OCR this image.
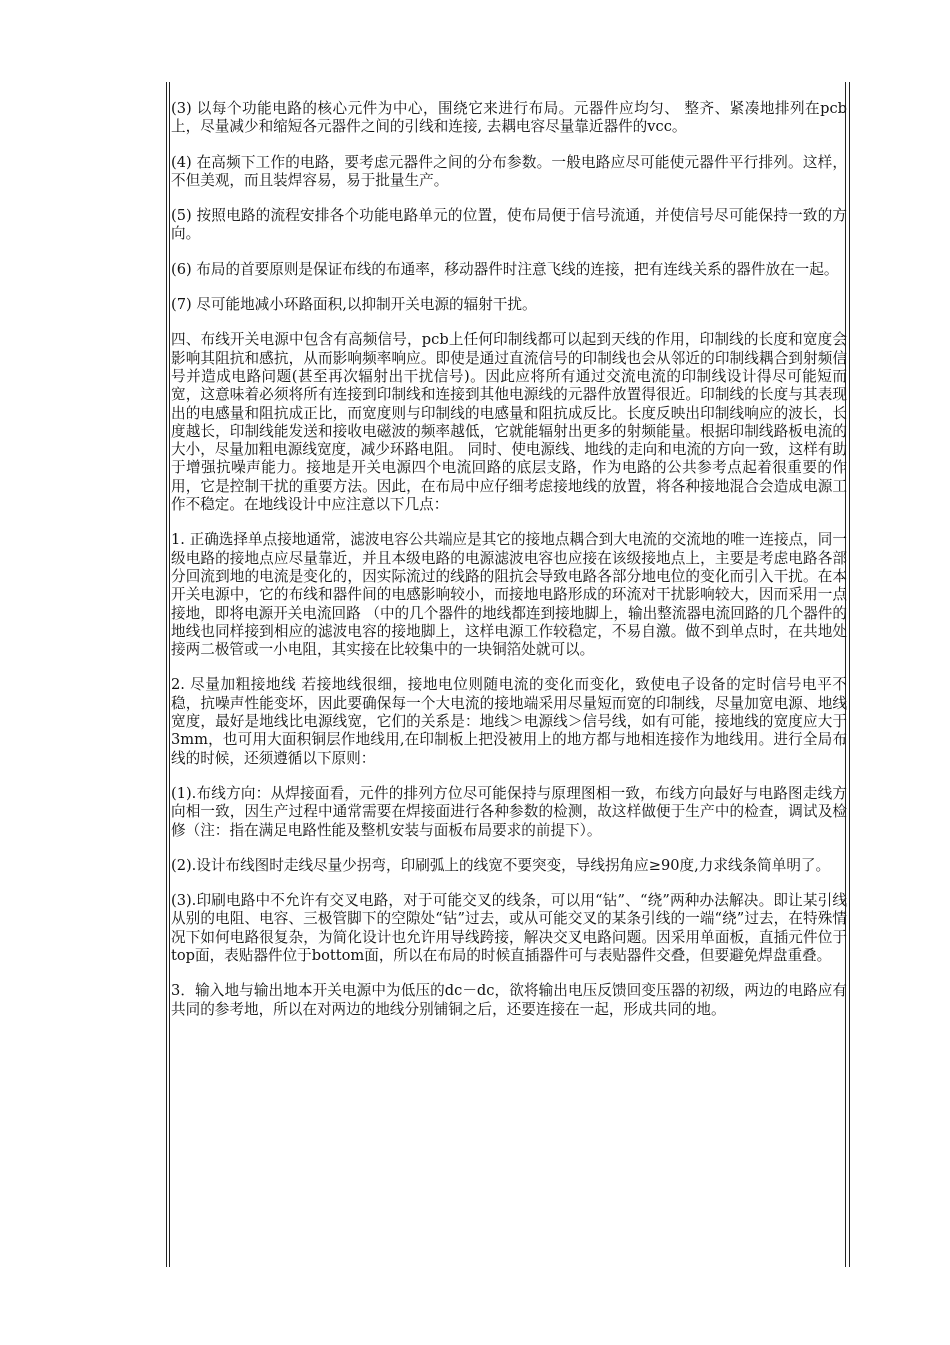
(3) 以每个功能电路的核心元件为中心，围绕它来进行布局。元器件应均匀、 整齐、紧凑地排列在pcb上，尽量减少和缩短各元器件之间的引线和连接, 去耦电容尽量靠近器件的vcc。

(4) 在高频下工作的电路，要考虑元器件之间的分布参数。一般电路应尽可能使元器件平行排列。这样，不但美观，而且装焊容易，易于批量生产。

(5) 按照电路的流程安排各个功能电路单元的位置，使布局便于信号流通，并使信号尽可能保持一致的方向。

(6) 布局的首要原则是保证布线的布通率，移动器件时注意飞线的连接，把有连线关系的器件放在一起。

(7) 尽可能地减小环路面积,以抑制开关电源的辐射干扰。

四、布线开关电源中包含有高频信号，pcb上任何印制线都可以起到天线的作用，印制线的长度和宽度会影响其阻抗和感抗，从而影响频率响应。即使是通过直流信号的印制线也会从邻近的印制线耦合到射频信号并造成电路问题(甚至再次辐射出干扰信号)。因此应将所有通过交流电流的印制线设计得尽可能短而宽，这意味着必须将所有连接到印制线和连接到其他电源线的元器件放置得很近。印制线的长度与其表现出的电感量和阻抗成正比，而宽度则与印制线的电感量和阻抗成反比。长度反映出印制线响应的波长，长度越长，印制线能发送和接收电磁波的频率越低，它就能辐射出更多的射频能量。根据印制线路板电流的大小，尽量加粗电源线宽度，减少环路电阻。 同时、使电源线、地线的走向和电流的方向一致，这样有助于增强抗噪声能力。接地是开关电源四个电流回路的底层支路，作为电路的公共参考点起着很重要的作用，它是控制干扰的重要方法。因此，在布局中应仔细考虑接地线的放置，将各种接地混合会造成电源工作不稳定。在地线设计中应注意以下几点：

1. 正确选择单点接地通常，滤波电容公共端应是其它的接地点耦合到大电流的交流地的唯一连接点，同一级电路的接地点应尽量靠近，并且本级电路的电源滤波电容也应接在该级接地点上，主要是考虑电路各部分回流到地的电流是变化的，因实际流过的线路的阻抗会导致电路各部分地电位的变化而引入干扰。在本开关电源中，它的布线和器件间的电感影响较小，而接地电路形成的环流对干扰影响较大，因而采用一点接地，即将电源开关电流回路 （中的几个器件的地线都连到接地脚上，输出整流器电流回路的几个器件的地线也同样接到相应的滤波电容的接地脚上，这样电源工作较稳定，不易自激。做不到单点时，在共地处接两二极管或一小电阻，其实接在比较集中的一块铜箔处就可以。

2. 尽量加粗接地线 若接地线很细，接地电位则随电流的变化而变化，致使电子设备的定时信号电平不稳，抗噪声性能变坏，因此要确保每一个大电流的接地端采用尽量短而宽的印制线，尽量加宽电源、地线宽度，最好是地线比电源线宽，它们的关系是：地线＞电源线＞信号线，如有可能，接地线的宽度应大于3mm，也可用大面积铜层作地线用,在印制板上把没被用上的地方都与地相连接作为地线用。进行全局布线的时候，还须遵循以下原则：

(1).布线方向：从焊接面看，元件的排列方位尽可能保持与原理图相一致，布线方向最好与电路图走线方向相一致，因生产过程中通常需要在焊接面进行各种参数的检测，故这样做便于生产中的检查，调试及检修（注：指在满足电路性能及整机安装与面板布局要求的前提下）。

(2).设计布线图时走线尽量少拐弯，印刷弧上的线宽不要突变，导线拐角应≥90度,力求线条简单明了。

(3).印刷电路中不允许有交叉电路，对于可能交叉的线条，可以用“钻”、“绕”两种办法解决。即让某引线从别的电阻、电容、三极管脚下的空隙处“钻”过去，或从可能交叉的某条引线的一端“绕”过去，在特殊情况下如何电路很复杂，为简化设计也允许用导线跨接，解决交叉电路问题。因采用单面板，直插元件位于top面，表贴器件位于bottom面，所以在布局的时候直插器件可与表贴器件交叠，但要避免焊盘重叠。

3．输入地与输出地本开关电源中为低压的dc－dc，欲将输出电压反馈回变压器的初级，两边的电路应有共同的参考地，所以在对两边的地线分别铺铜之后，还要连接在一起，形成共同的地。
